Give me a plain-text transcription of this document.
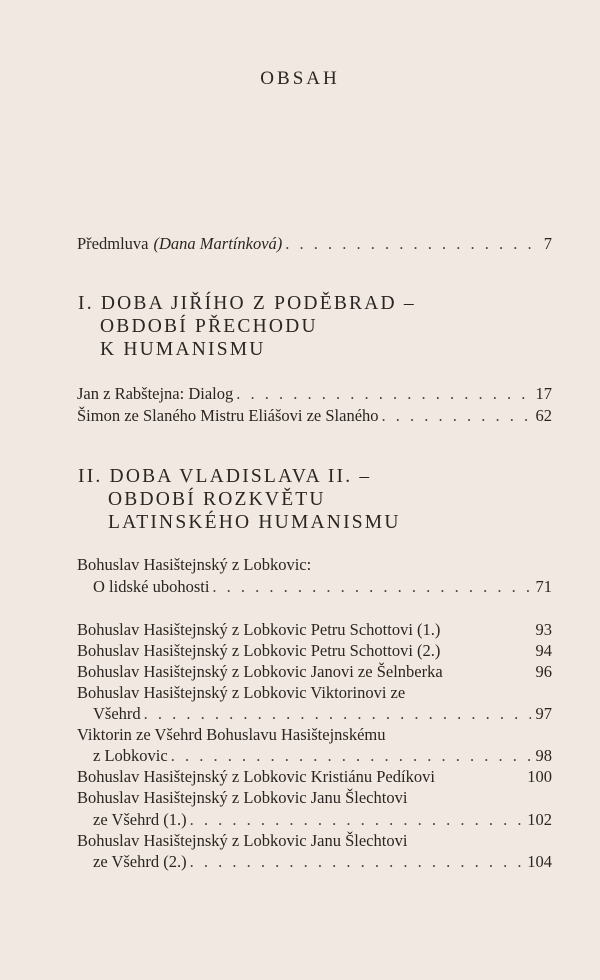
OBSAH
Předmluva (Dana Martínková) . . .	7
I. DOBA JIŘÍHO Z PODĚBRAD –
OBDOBÍ PŘECHODU
K HUMANISMU
Jan z Rabštejna: Dialog . . .	17
Šimon ze Slaného Mistru Eliášovi ze Slaného . . .	62
II. DOBA VLADISLAVA II. –
OBDOBÍ ROZKVĚTU
LATINSKÉHO HUMANISMU
Bohuslav Hasištejnský z Lobkovic:
O lidské ubohosti . . .	71
Bohuslav Hasištejnský z Lobkovic Petru Schottovi (1.)	93
Bohuslav Hasištejnský z Lobkovic Petru Schottovi (2.)	94
Bohuslav Hasištejnský z Lobkovic Janovi ze Šelnberka	96
Bohuslav Hasištejnský z Lobkovic Viktorinovi ze
Všehrd . . .	97
Viktorin ze Všehrd Bohuslavu Hasištejnskému
z Lobkovic . . .	98
Bohuslav Hasištejnský z Lobkovic Kristiánu Pedíkovi	100
Bohuslav Hasištejnský z Lobkovic Janu Šlechtovi
ze Všehrd (1.) . . .	102
Bohuslav Hasištejnský z Lobkovic Janu Šlechtovi
ze Všehrd (2.) . . .	104
